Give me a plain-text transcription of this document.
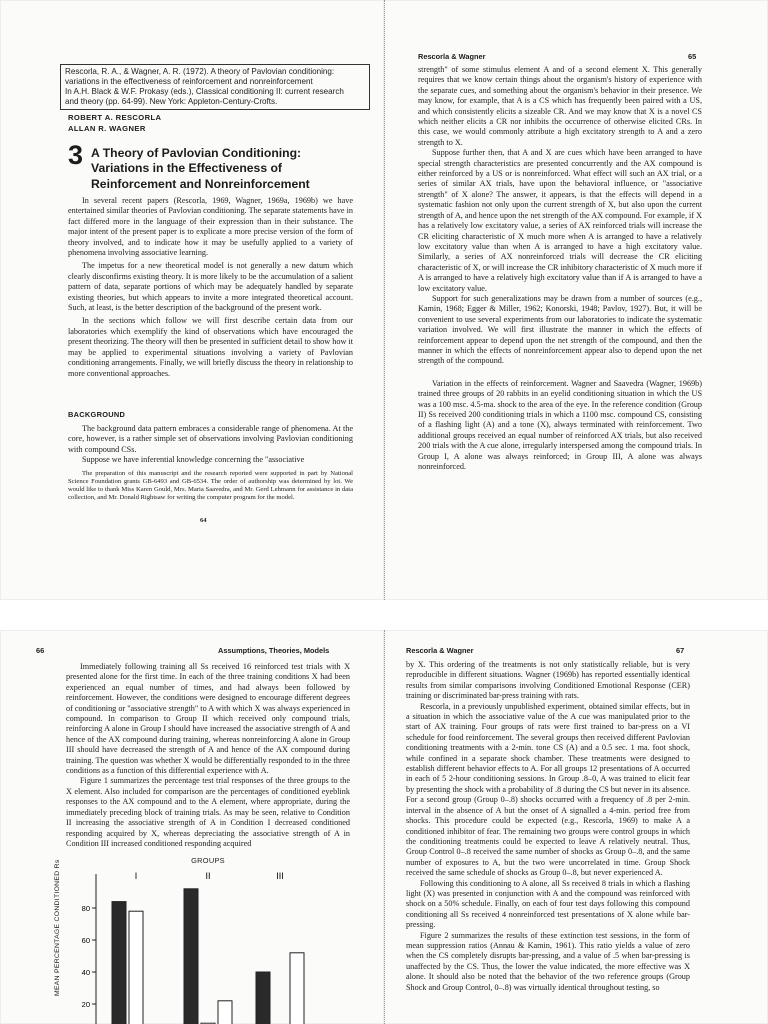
Rescorla, R. A., & Wagner, A. R. (1972). A theory of Pavlovian conditioning:
variations in the effectiveness of reinforcement and nonreinforcement
In A.H. Black & W.F. Prokasy (eds.), Classical conditioning II: current research
and theory (pp. 64-99). New York: Appleton-Century-Crofts.
ROBERT A. RESCORLA
ALLAN R. WAGNER
3 A Theory of Pavlovian Conditioning: Variations in the Effectiveness of Reinforcement and Nonreinforcement

In several recent papers (Rescorla, 1969, Wagner, 1969a, 1969b) we have entertained similar theories of Pavlovian conditioning. The separate statements have in fact differed more in the language of their expression than in their substance. The major intent of the present paper is to explicate a more precise version of the form of theory involved, and to indicate how it may be usefully applied to a variety of phenomena involving associative learning.

The impetus for a new theoretical model is not generally a new datum which clearly disconfirms existing theory. It is more likely to be the accumulation of a salient pattern of data, separate portions of which may be adequately handled by separate existing theories, but which appears to invite a more integrated theoretical account. Such, at least, is the better description of the background of the present work.

In the sections which follow we will first describe certain data from our laboratories which exemplify the kind of observations which have encouraged the present theorizing. The theory will then be presented in sufficient detail to show how it may be applied to experimental situations involving a variety of Pavlovian conditioning arrangements. Finally, we will briefly discuss the theory in relationship to more conventional approaches.

BACKGROUND

The background data pattern embraces a considerable range of phenomena. At the core, however, is a rather simple set of observations involving Pavlovian conditioning with compound CSs.

Suppose we have inferential knowledge concerning the "associative

The preparation of this manuscript and the research reported were supported in part by National Science Foundation grants GB-6493 and GB-6534. The order of authorship was determined by lot. We would like to thank Miss Karen Gould, Mrs. Maria Saavedra, and Mr. Gerd Lehmann for assistance in data collection, and Mr. Donald Rightsaw for writing the computer program for the model.
64
Rescorla & Wagner	65

strength" of some stimulus element A and of a second element X. This generally requires that we know certain things about the organism's history of experience with the separate cues, and something about the organism's behavior in their presence. We may know, for example, that A is a CS which has frequently been paired with a US, and which consistently elicits a sizeable CR. And we may know that X is a novel CS which neither elicits a CR nor inhibits the occurrence of otherwise elicited CRs. In this case, we would commonly attribute a high excitatory strength to A and a zero strength to X.

Suppose further then, that A and X are cues which have been arranged to have special strength characteristics are presented concurrently and the AX compound is either reinforced by a US or is nonreinforced. What effect will such an AX trial, or a series of similar AX trials, have upon the behavioral influence, or "associative strength" of X alone? The answer, it appears, is that the effects will depend in a systematic fashion not only upon the current strength of X, but also upon the current strength of A, and hence upon the net strength of the AX compound. For example, if X has a relatively low excitatory value, a series of AX reinforced trials will increase the CR eliciting characteristic of X much more when A is arranged to have a relatively low excitatory value than when A is arranged to have a high excitatory value. Similarly, a series of AX nonreinforced trials will decrease the CR eliciting characteristic of X, or will increase the CR inhibitory characteristic of X much more if A is arranged to have a relatively high excitatory value than if A is arranged to have a low excitatory value.

Support for such generalizations may be drawn from a number of sources (e.g., Kamin, 1968; Egger & Miller, 1962; Konorski, 1948; Pavlov, 1927). But, it will be convenient to use several experiments from our laboratories to indicate the systematic variation involved. We will first illustrate the manner in which the effects of reinforcement appear to depend upon the net strength of the compound, and then the manner in which the effects of nonreinforcement appear also to depend upon the net strength of the compound.

Variation in the effects of reinforcement. Wagner and Saavedra (Wagner, 1969b) trained three groups of 20 rabbits in an eyelid conditioning situation in which the US was a 100 msc. 4.5-ma. shock to the area of the eye. In the reference condition (Group II) Ss received 200 conditioning trials in which a 1100 msc. compound CS, consisting of a flashing light (A) and a tone (X), always terminated with reinforcement. Two additional groups received an equal number of reinforced AX trials, but also received 200 trials with the A cue alone, irregularly interspersed among the compound trials. In Group I, A alone was always reinforced; in Group III, A alone was always nonreinforced.

66	Assumptions, Theories, Models

Immediately following training all Ss received 16 reinforced test trials with X presented alone for the first time. In each of the three training conditions X had been experienced an equal number of times, and had always been followed by reinforcement. However, the conditions were designed to encourage different degrees of conditioning or "associative strength" to A with which X was always experienced in compound. In comparison to Group II which received only compound trials, reinforcing A alone in Group I should have increased the associative strength of A and hence of the AX compound during training, whereas nonreinforcing A alone in Group III should have decreased the strength of A and hence of the AX compound during training. The question was whether X would be differentially responded to in the three conditions as a function of this differential experience with A.

Figure 1 summarizes the percentage test trial responses of the three groups to the X element. Also included for comparison are the percentages of conditioned eyeblink responses to the AX compound and to the A element, where appropriate, during the immediately preceding block of training trials. As may be seen, relative to Condition II increasing the associative strength of A in Condition I decreased conditioned responding acquired by X, whereas depreciating the associative strength of A in Condition III increased conditioned responding acquired

GROUPS
MEAN PERCENTAGE CONDITIONED Rs	I	II	III
20
40
60
80
Rescorla & Wagner	67

by X. This ordering of the treatments is not only statistically reliable, but is very reproducible in different situations. Wagner (1969b) has reported essentially identical results from similar comparisons involving Conditioned Emotional Response (CER) training or discriminated bar-press training with rats.

Rescorla, in a previously unpublished experiment, obtained similar effects, but in a situation in which the associative value of the A cue was manipulated prior to the start of AX training. Four groups of rats were first trained to bar-press on a VI schedule for food reinforcement. The several groups then received different Pavlovian conditioning treatments with a 2-min. tone CS (A) and a 0.5 sec. 1 ma. foot shock, while confined in a separate shock chamber. These treatments were designed to establish different behavior effects to A. For all groups 12 presentations of A occurred in each of 5 2-hour conditioning sessions. In Group .8–0, A was trained to elicit fear by presenting the shock with a probability of .8 during the CS but never in its absence. For a second group (Group 0–.8) shocks occurred with a frequency of .8 per 2-min. interval in the absence of A but the onset of A signalled a 4-min. period free from shocks. This procedure could be expected (e.g., Rescorla, 1969) to make A a conditioned inhibitor of fear. The remaining two groups were control groups in which the conditioning treatments could be expected to leave A relatively neutral. Thus, Group Control 0–.8 received the same number of shocks as Group 0–.8, and the same number of exposures to A, but the two were uncorrelated in time. Group Shock received the same schedule of shocks as Group 0–.8, but never experienced A.

Following this conditioning to A alone, all Ss received 8 trials in which a flashing light (X) was presented in conjunction with A and the compound was reinforced with shock on a 50% schedule. Finally, on each of four test days following this compound conditioning all Ss received 4 nonreinforced test presentations of X alone while bar-pressing.

Figure 2 summarizes the results of these extinction test sessions, in the form of mean suppression ratios (Annau & Kamin, 1961). This ratio yields a value of zero when the CS completely disrupts bar-pressing, and a value of .5 when bar-pressing is unaffected by the CS. Thus, the lower the value indicated, the more effective was X alone. It should also be noted that the behavior of the two reference groups (Group Shock and Group Control, 0–.8) was virtually identical throughout testing, so
